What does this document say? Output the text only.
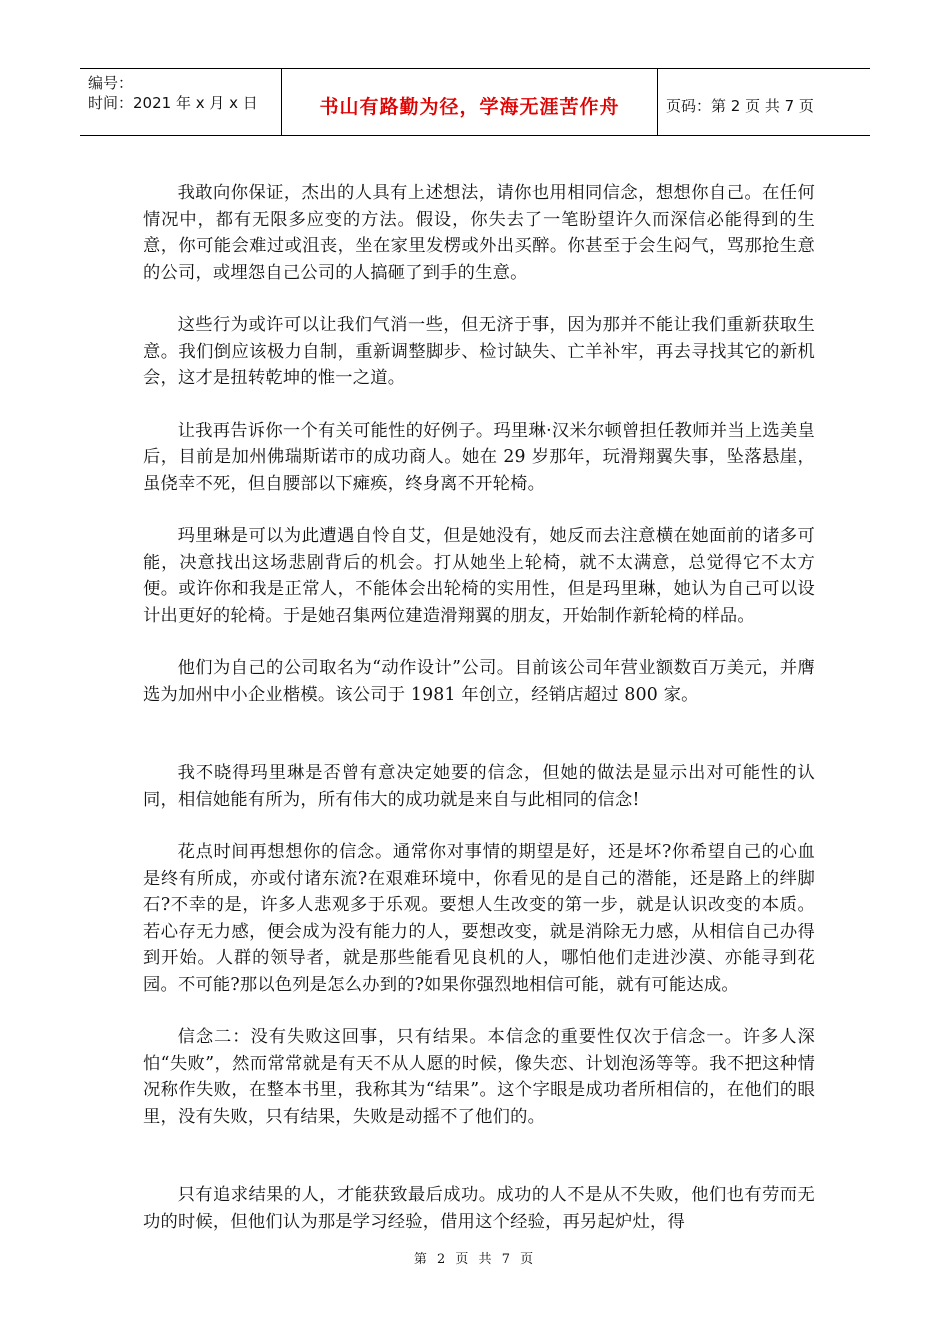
编号：
时间：2021 年 x 月 x 日	书山有路勤为径，学海无涯苦作舟	页码：第 2 页 共 7 页

我敢向你保证，杰出的人具有上述想法，请你也用相同信念，想想你自己。在任何情况中，都有无限多应变的方法。假设，你失去了一笔盼望许久而深信必能得到的生意，你可能会难过或沮丧，坐在家里发楞或外出买醉。你甚至于会生闷气，骂那抢生意的公司，或埋怨自己公司的人搞砸了到手的生意。

这些行为或许可以让我们气消一些，但无济于事，因为那并不能让我们重新获取生意。我们倒应该极力自制，重新调整脚步、检讨缺失、亡羊补牢，再去寻找其它的新机会，这才是扭转乾坤的惟一之道。

让我再告诉你一个有关可能性的好例子。玛里琳·汉米尔顿曾担任教师并当上选美皇后，目前是加州佛瑞斯诺市的成功商人。她在 29 岁那年，玩滑翔翼失事，坠落悬崖，虽侥幸不死，但自腰部以下瘫痪，终身离不开轮椅。

玛里琳是可以为此遭遇自怜自艾，但是她没有，她反而去注意横在她面前的诸多可能，决意找出这场悲剧背后的机会。打从她坐上轮椅，就不太满意，总觉得它不太方便。或许你和我是正常人，不能体会出轮椅的实用性，但是玛里琳，她认为自己可以设计出更好的轮椅。于是她召集两位建造滑翔翼的朋友，开始制作新轮椅的样品。

他们为自己的公司取名为“动作设计”公司。目前该公司年营业额数百万美元，并膺选为加州中小企业楷模。该公司于 1981 年创立，经销店超过 800 家。

我不晓得玛里琳是否曾有意决定她要的信念，但她的做法是显示出对可能性的认同，相信她能有所为，所有伟大的成功就是来自与此相同的信念!

花点时间再想想你的信念。通常你对事情的期望是好，还是坏?你希望自己的心血是终有所成，亦或付诸东流?在艰难环境中，你看见的是自己的潜能，还是路上的绊脚石?不幸的是，许多人悲观多于乐观。要想人生改变的第一步，就是认识改变的本质。若心存无力感，便会成为没有能力的人，要想改变，就是消除无力感，从相信自己办得到开始。人群的领导者，就是那些能看见良机的人，哪怕他们走进沙漠、亦能寻到花园。不可能?那以色列是怎么办到的?如果你强烈地相信可能，就有可能达成。

信念二：没有失败这回事，只有结果。本信念的重要性仅次于信念一。许多人深怕“失败”，然而常常就是有天不从人愿的时候，像失恋、计划泡汤等等。我不把这种情况称作失败，在整本书里，我称其为“结果”。这个字眼是成功者所相信的，在他们的眼里，没有失败，只有结果，失败是动摇不了他们的。

只有追求结果的人，才能获致最后成功。成功的人不是从不失败，他们也有劳而无功的时候，但他们认为那是学习经验，借用这个经验，再另起炉灶，得

第 2 页 共 7 页
